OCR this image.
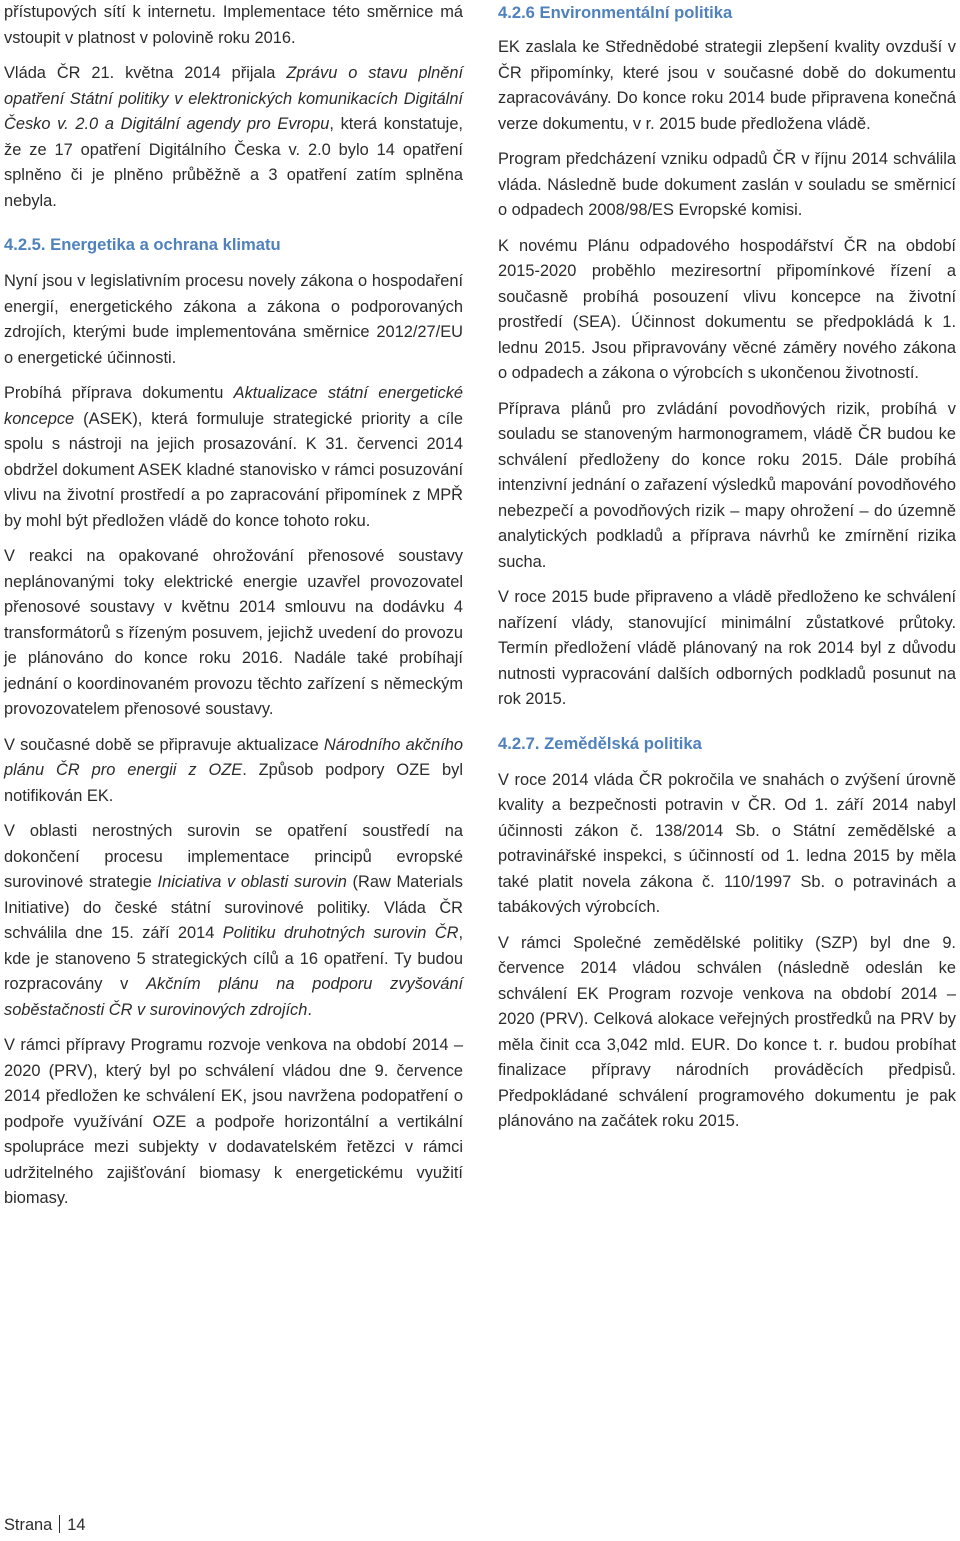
přístupových sítí k internetu. Implementace této směrnice má vstoupit v platnost v polovině roku 2016.

Vláda ČR 21. května 2014 přijala Zprávu o stavu plnění opatření Státní politiky v elektronických komunikacích Digitální Česko v. 2.0 a Digitální agendy pro Evropu, která konstatuje, že ze 17 opatření Digitálního Česka v. 2.0 bylo 14 opatření splněno či je plněno průběžně a 3 opatření zatím splněna nebyla.

4.2.5. Energetika a ochrana klimatu

Nyní jsou v legislativním procesu novely zákona o hospodaření energií, energetického zákona a zákona o podporovaných zdrojích, kterými bude implementována směrnice 2012/27/EU o energetické účinnosti.

Probíhá příprava dokumentu Aktualizace státní energetické koncepce (ASEK), která formuluje strategické priority a cíle spolu s nástroji na jejich prosazování. K 31. červenci 2014 obdržel dokument ASEK kladné stanovisko v rámci posuzování vlivu na životní prostředí a po zapracování připomínek z MPŘ by mohl být předložen vládě do konce tohoto roku.

V reakci na opakované ohrožování přenosové soustavy neplánovanými toky elektrické energie uzavřel provozovatel přenosové soustavy v květnu 2014 smlouvu na dodávku 4 transformátorů s řízeným posuvem, jejichž uvedení do provozu je plánováno do konce roku 2016. Nadále také probíhají jednání o koordinovaném provozu těchto zařízení s německým provozovatelem přenosové soustavy.

V současné době se připravuje aktualizace Národního akčního plánu ČR pro energii z OZE. Způsob podpory OZE byl notifikován EK.

V oblasti nerostných surovin se opatření soustředí na dokončení procesu implementace principů evropské surovinové strategie Iniciativa v oblasti surovin (Raw Materials Initiative) do české státní surovinové politiky. Vláda ČR schválila dne 15. září 2014 Politiku druhotných surovin ČR, kde je stanoveno 5 strategických cílů a 16 opatření. Ty budou rozpracovány v Akčním plánu na podporu zvyšování soběstačnosti ČR v surovinových zdrojích.

V rámci přípravy Programu rozvoje venkova na období 2014 – 2020 (PRV), který byl po schválení vládou dne 9. července 2014 předložen ke schválení EK, jsou navržena podopatření o podpoře využívání OZE a podpoře horizontální a vertikální spolupráce mezi subjekty v dodavatelském řetězci v rámci udržitelného zajišťování biomasy k energetickému využití biomasy.

4.2.6 Environmentální politika

EK zaslala ke Střednědobé strategii zlepšení kvality ovzduší v ČR připomínky, které jsou v současné době do dokumentu zapracovávány. Do konce roku 2014 bude připravena konečná verze dokumentu, v r. 2015 bude předložena vládě.

Program předcházení vzniku odpadů ČR v říjnu 2014 schválila vláda. Následně bude dokument zaslán v souladu se směrnicí o odpadech 2008/98/ES Evropské komisi.

K novému Plánu odpadového hospodářství ČR na období 2015-2020 proběhlo meziresortní připomínkové řízení a současně probíhá posouzení vlivu koncepce na životní prostředí (SEA). Účinnost dokumentu se předpokládá k 1. lednu 2015. Jsou připravovány věcné záměry nového zákona o odpadech a zákona o výrobcích s ukončenou životností.

Příprava plánů pro zvládání povodňových rizik, probíhá v souladu se stanoveným harmonogramem, vládě ČR budou ke schválení předloženy do konce roku 2015. Dále probíhá intenzivní jednání o zařazení výsledků mapování povodňového nebezpečí a povodňových rizik – mapy ohrožení – do územně analytických podkladů a příprava návrhů ke zmírnění rizika sucha.

V roce 2015 bude připraveno a vládě předloženo ke schválení nařízení vlády, stanovující minimální zůstatkové průtoky. Termín předložení vládě plánovaný na rok 2014 byl z důvodu nutnosti vypracování dalších odborných podkladů posunut na rok 2015.

4.2.7. Zemědělská politika

V roce 2014 vláda ČR pokročila ve snahách o zvýšení úrovně kvality a bezpečnosti potravin v ČR. Od 1. září 2014 nabyl účinnosti zákon č. 138/2014 Sb. o Státní zemědělské a potravinářské inspekci, s účinností od 1. ledna 2015 by měla také platit novela zákona č. 110/1997 Sb. o potravinách a tabákových výrobcích.

V rámci Společné zemědělské politiky (SZP) byl dne 9. července 2014 vládou schválen (následně odeslán ke schválení EK Program rozvoje venkova na období 2014 – 2020 (PRV). Celková alokace veřejných prostředků na PRV by měla činit cca 3,042 mld. EUR. Do konce t. r. budou probíhat finalizace přípravy národních prováděcích předpisů. Předpokládané schválení programového dokumentu je pak plánováno na začátek roku 2015.

Strana 14
